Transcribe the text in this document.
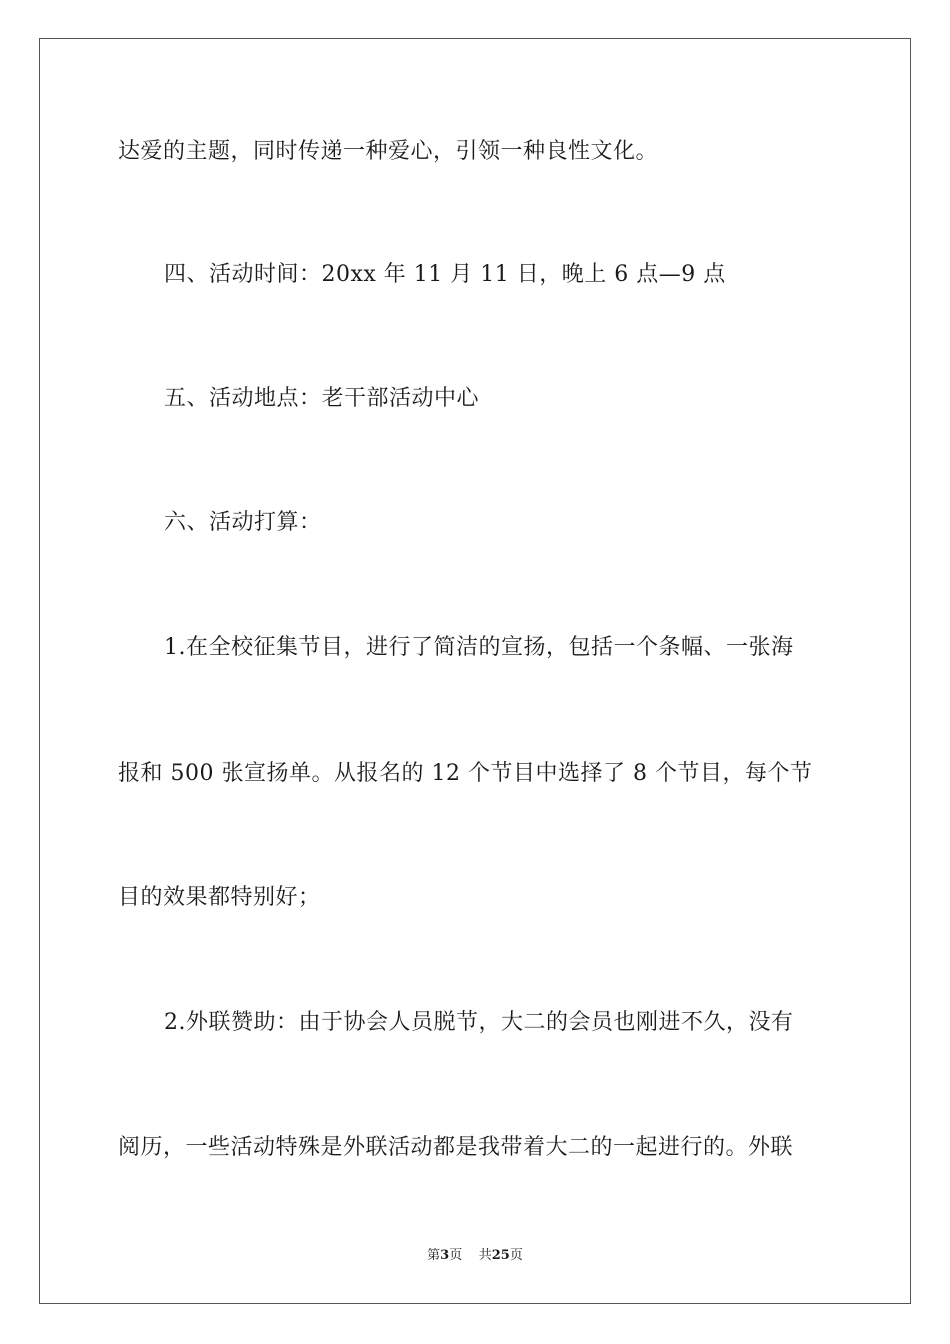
达爱的主题，同时传递一种爱心，引领一种良性文化。
四、活动时间：20xx 年 11 月 11 日，晚上 6 点—9 点
五、活动地点：老干部活动中心
六、活动打算：
1.在全校征集节目，进行了简洁的宣扬，包括一个条幅、一张海
报和 500 张宣扬单。从报名的 12 个节目中选择了 8 个节目，每个节
目的效果都特别好；
2.外联赞助：由于协会人员脱节，大二的会员也刚进不久，没有
阅历，一些活动特殊是外联活动都是我带着大二的一起进行的。外联
第3页 共25页
